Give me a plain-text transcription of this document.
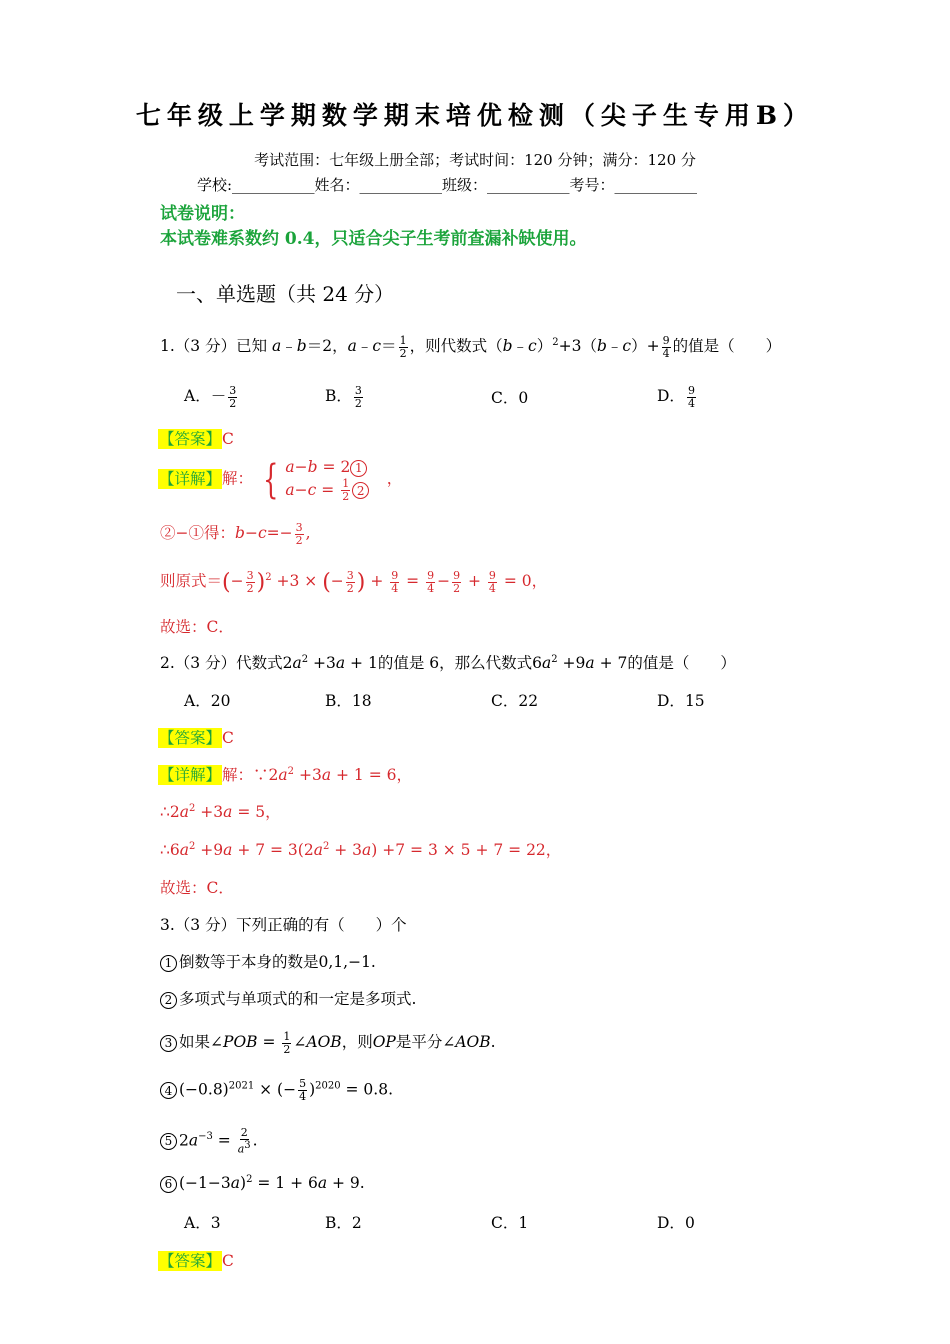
七年级上学期数学期末培优检测（尖子生专用B）
考试范围：七年级上册全部；考试时间：120 分钟；满分：120 分
学校:___________姓名：___________班级：___________考号：___________
试卷说明：
本试卷难系数约 0.4，只适合尖子生考前查漏补缺使用。
一、单选题（共 24 分）
1.（3 分）已知 a﹣b＝2，a﹣c＝ $\frac{1}{2}$ ，则代数式（b﹣c）$^2$+3（b﹣c）+ $\frac{9}{4}$ 的值是（　　）
A．－ $\frac{3}{2}$	B． $\frac{3}{2}$	C．0	D． $\frac{9}{4}$
【答案】C
【详解】解： { a−b = 2 1
$a-c = \frac{1}{2} 2$　，
②−①得：$b-c=- \frac{3}{2}$ ,
则原式＝(− $\frac{3}{2} )^2 +3$ × (− $\frac{3}{2}$ ) + $\frac{9}{4} = \frac{9}{4} - \frac{9}{2} + \frac{9}{4} = 0$，
故选：C．
2.（3 分）代数式$2a^2 +3a + 1$的值是 6，那么代数式$6a^2 +9a + 7$的值是（　　）
A．20	B．18	C．22	D．15
【答案】C
【详解】解：$\because 2a^2 +3a + 1 = 6$，
$\therefore 2a^2 +3a = 5$，
$\therefore 6a^2 +9a + 7 = 3(2a^2 + 3a) +7 = 3 \times 5 + 7 = 22$，
故选：C．
3.（3 分）下列正确的有（　　）个
1 倒数等于本身的数是0,1,−1.
2 多项式与单项式的和一定是多项式.
3 如果∠POB = $\frac{1}{2}$ ∠AOB，则OP是平分∠AOB.
4 $(-0.8)^{2021}$ × (− $\frac{5}{4} )^{2020} = 0.8$.
5 $2a^{-3} = \frac{2}{a^3}$ .
6 $(-1-3a)^2 = 1 + 6a + 9$.
A．3	B．2	C．1	D．0
【答案】C
